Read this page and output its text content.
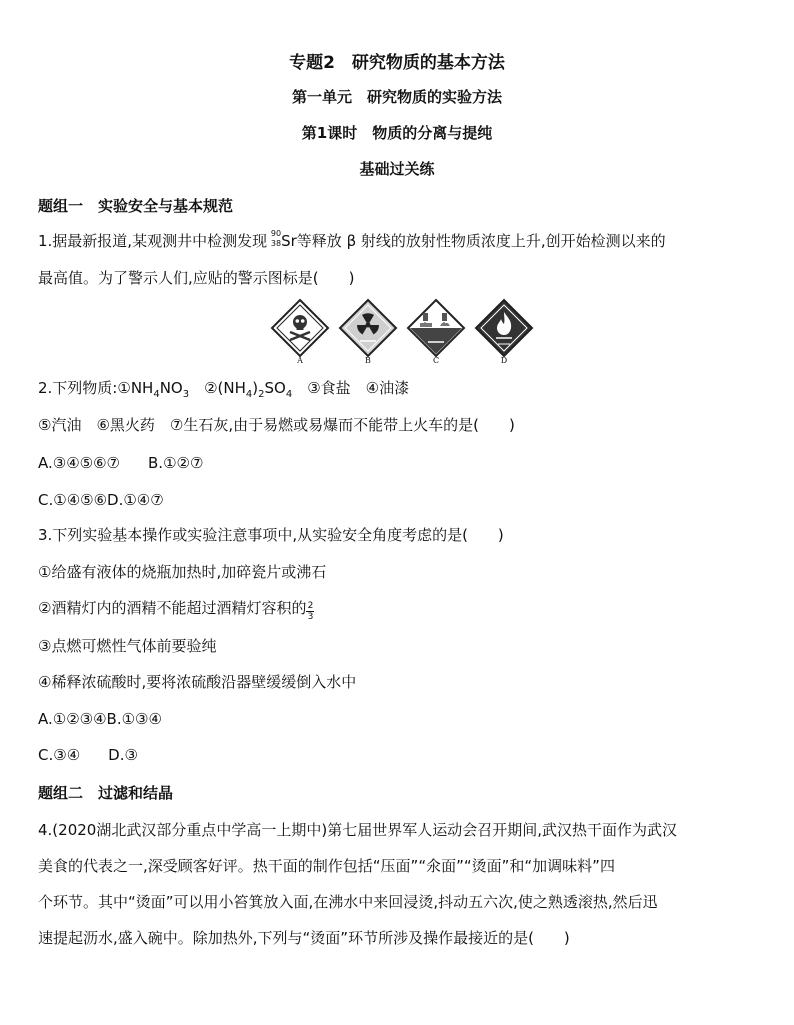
专题2　研究物质的基本方法
第一单元　研究物质的实验方法
第1课时　物质的分离与提纯
基础过关练
题组一　实验安全与基本规范
1.据最新报道,某观测井中检测发现 90
38 Sr等释放 β 射线的放射性物质浓度上升,创开始检测以来的
最高值。为了警示人们,应贴的警示图标是(　　)
A	B	C	D
2.下列物质$:①NH_4NO_3$　$②(NH_4)_2SO_4$　③食盐　④油漆
⑤汽油　⑥黑火药　⑦生石灰,由于易燃或易爆而不能带上火车的是(　　)
A.③④⑤⑥⑦ B.①②⑦
C.①④⑤⑥D.①④⑦
3.下列实验基本操作或实验注意事项中,从实验安全角度考虑的是(　　)
①给盛有液体的烧瓶加热时,加碎瓷片或沸石
②酒精灯内的酒精不能超过酒精灯容积的 $\frac{2}{3}$
③点燃可燃性气体前要验纯
④稀释浓硫酸时,要将浓硫酸沿器壁缓缓倒入水中
A.①②③④B.①③④
C.③④ D.③
题组二　过滤和结晶
4.(2020湖北武汉部分重点中学高一上期中)第七届世界军人运动会召开期间,武汉热干面作为武汉
美食的代表之一,深受顾客好评。热干面的制作包括“压面”“氽面”“烫面”和“加调味料”四
个环节。其中“烫面”可以用小笞箕放入面,在沸水中来回浸烫,抖动五六次,使之熟透滚热,然后迅
速提起沥水,盛入碗中。除加热外,下列与“烫面”环节所涉及操作最接近的是(　　)
